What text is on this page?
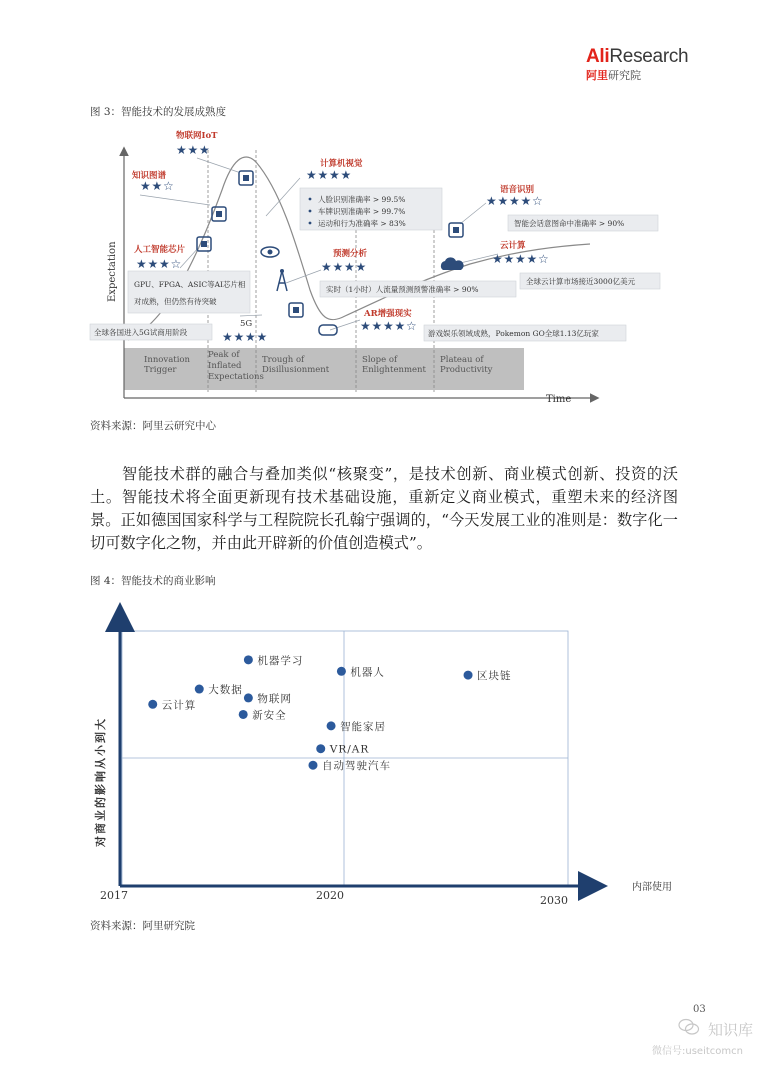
AliResearch
阿里研究院
图 3：智能技术的发展成熟度
Expectation
Time
Innovation
Trigger
Peak of
Inflated
Expectations
Trough of
Disillusionment
Slope of
Enlightenment
Plateau of
Productivity
GPU、FPGA、ASIC等AI芯片相
对成熟，但仍然有待突破
全球各国进入5G试商用阶段
人脸识别准确率 > 99.5%
车牌识别准确率 > 99.7%
运动和行为准确率 > 83%
实时（1小时）人流量预测预警准确率 > 90%
游戏娱乐领域成熟，Pokemon GO全球1.13亿玩家
智能会话意图命中准确率 > 90%
全球云计算市场接近3000亿美元
物联网IoT
知识图谱
人工智能芯片
5G
计算机视觉
预测分析
AR增强现实
语音识别
云计算
★ ★ ★
★ ★ ☆
★ ★ ★ ☆
★ ★ ★ ★
★ ★ ★ ★
★ ★ ★ ★
★ ★ ★ ★ ☆
★ ★ ★ ★ ☆
★ ★ ★ ★ ☆
资料来源：阿里云研究中心
智能技术群的融合与叠加类似“核聚变”，是技术创新、商业模式创新、投资的沃土。智能技术将全面更新现有技术基础设施，重新定义商业模式，重塑未来的经济图景。正如德国国家科学与工程院院长孔翰宁强调的，“今天发展工业的准则是：数字化一切可数字化之物，并由此开辟新的价值创造模式”。
图 4：智能技术的商业影响
对商业的影响从小到大
内部使用
2017	2020	2030
机器学习
机器人	区块链
大数据
物联网
云计算
新安全
智能家居
VR/AR
自动驾驶汽车
资料来源：阿里研究院
03
知识库
微信号:useitcomcn
